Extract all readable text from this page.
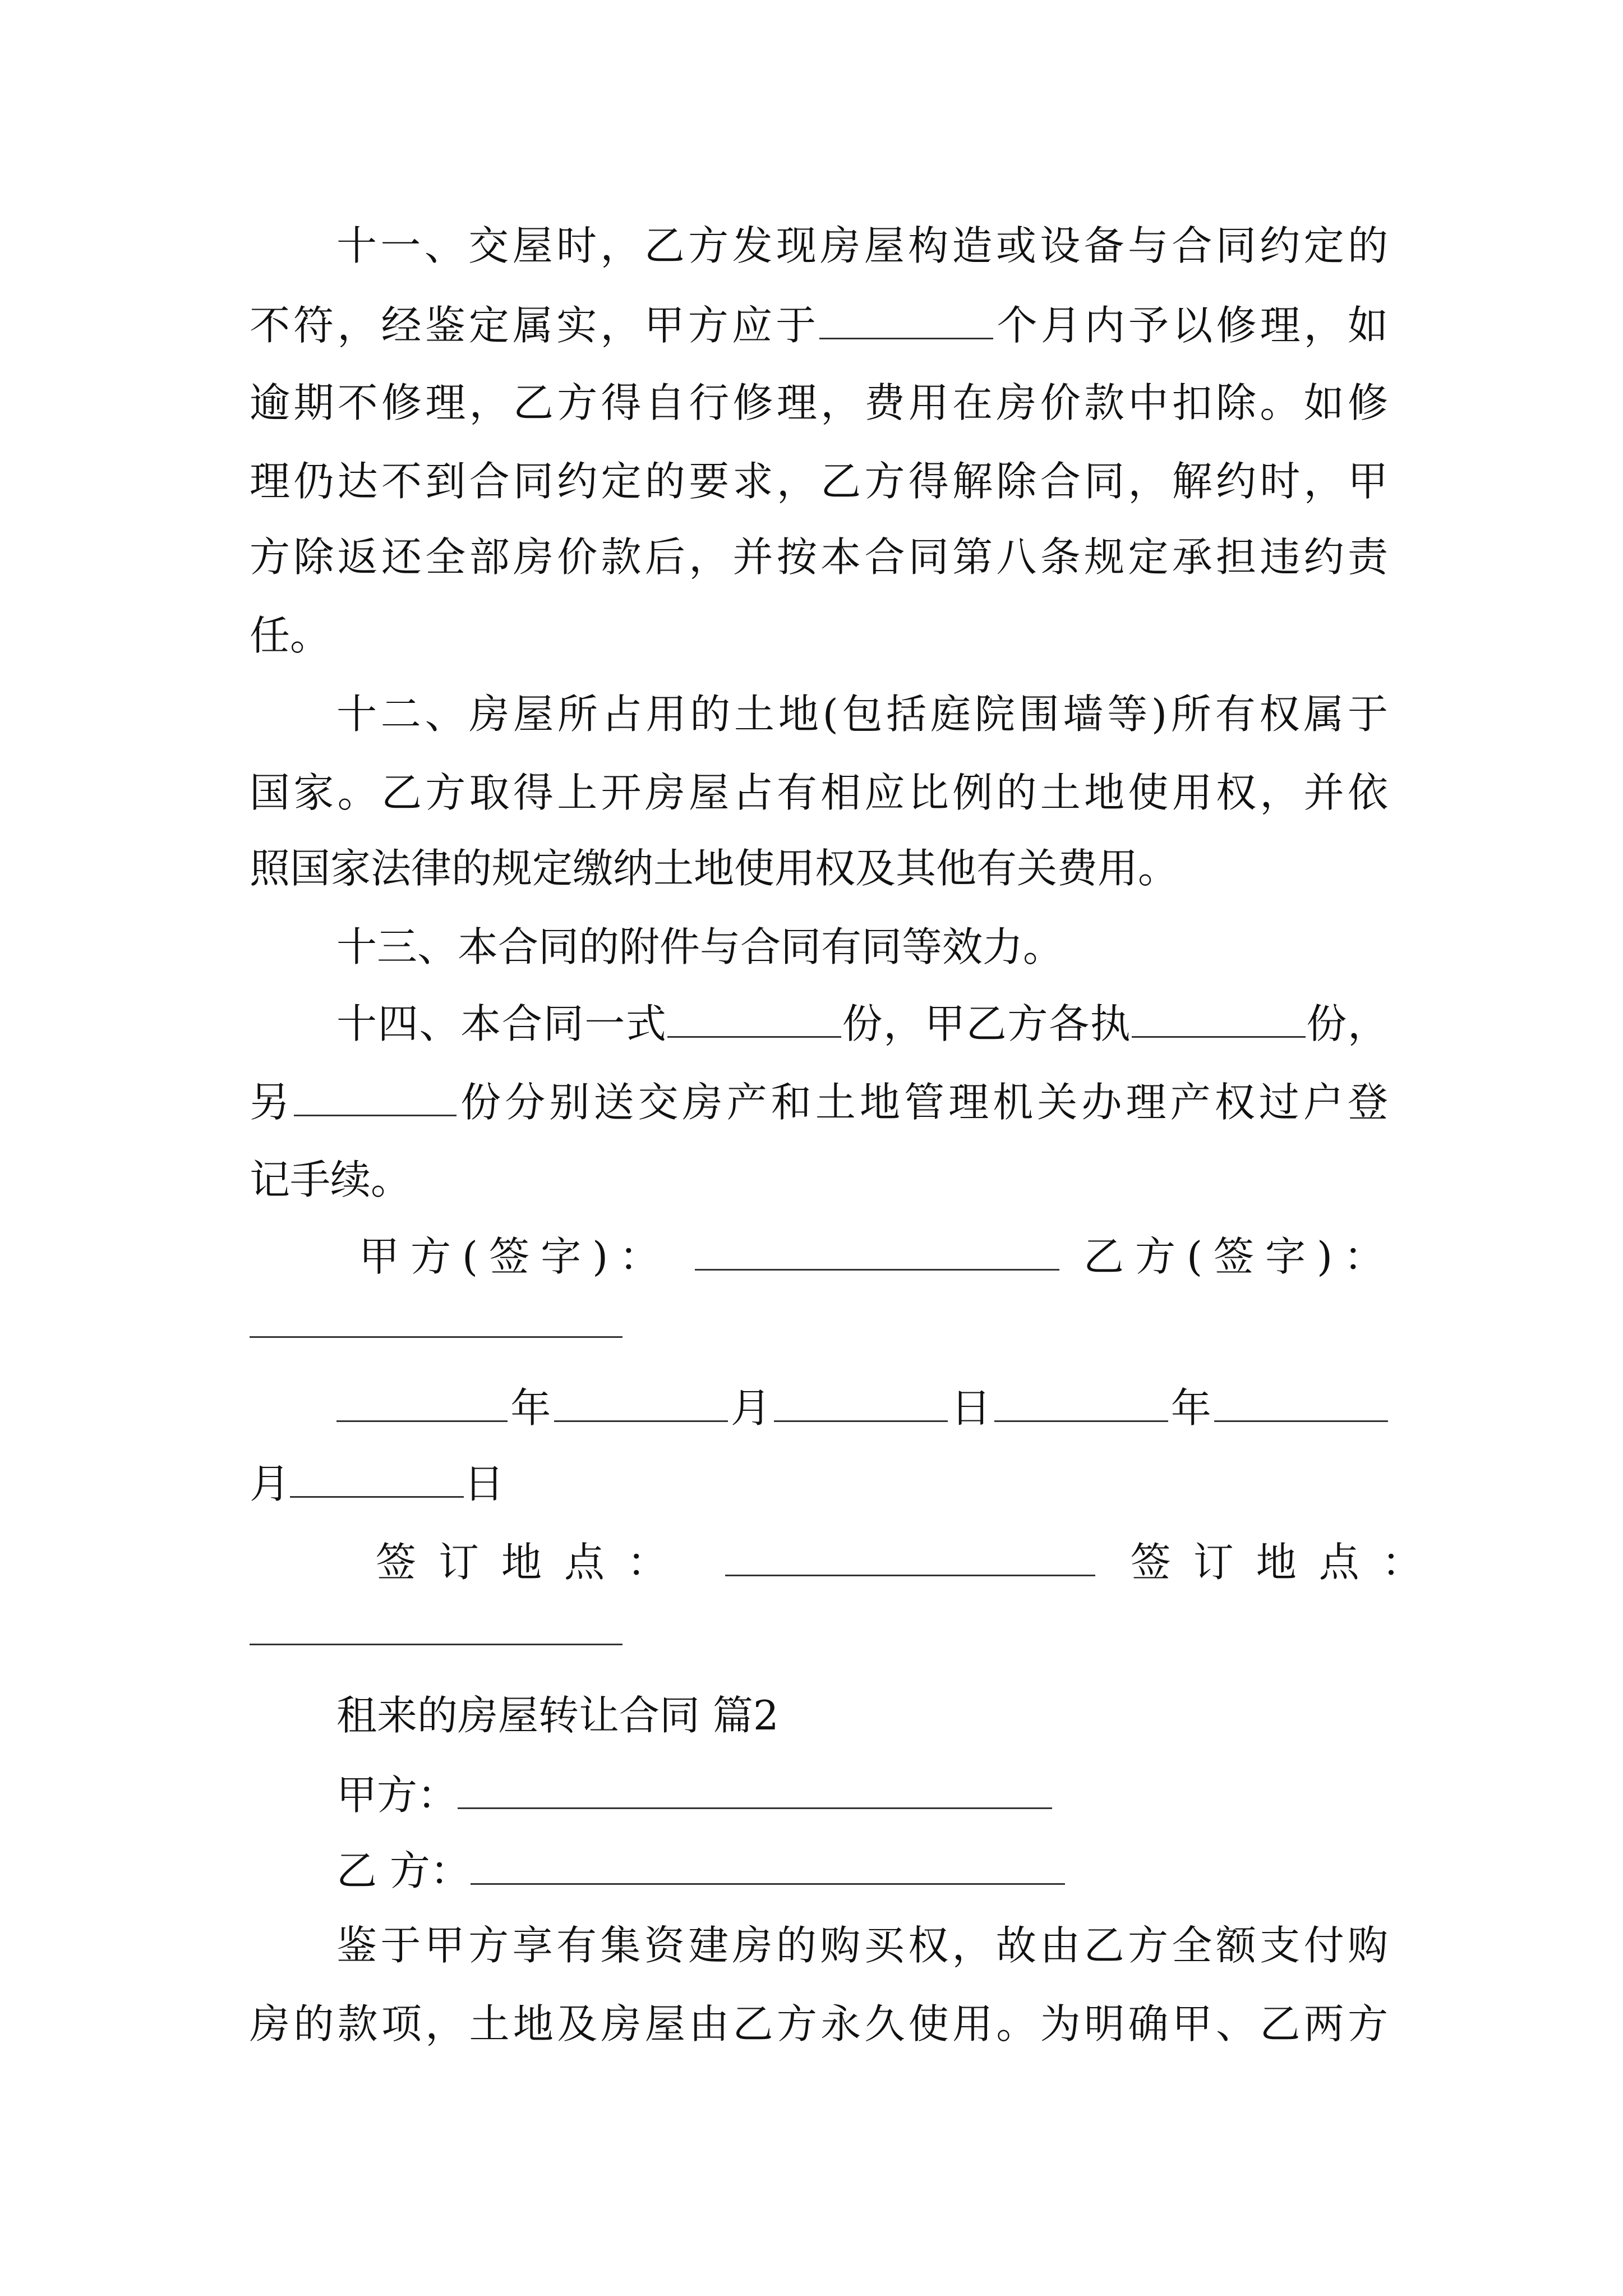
十一、交屋时，乙方发现房屋构造或设备与合同约定的
不符，经鉴定属实，甲方应于	个月内予以修理，如
逾期不修理，乙方得自行修理，费用在房价款中扣除。如修
理仍达不到合同约定的要求，乙方得解除合同，解约时，甲
方除返还全部房价款后，并按本合同第八条规定承担违约责
任。
十二、房屋所占用的土地(包括庭院围墙等)所有权属于
国家。乙方取得上开房屋占有相应比例的土地使用权，并依
照国家法律的规定缴纳土地使用权及其他有关费用。
十三、本合同的附件与合同有同等效力。
十四、本合同一式	份，甲乙方各执	份，
另	份分别送交房产和土地管理机关办理产权过户登
记手续。
甲方(签字)：	乙方(签字)：
年	月	日	年
月	日
签订地点：	签订地点：
租来的房屋转让合同 篇2
甲方：
乙 方：
鉴于甲方享有集资建房的购买权，故由乙方全额支付购
房的款项，土地及房屋由乙方永久使用。为明确甲、乙两方
